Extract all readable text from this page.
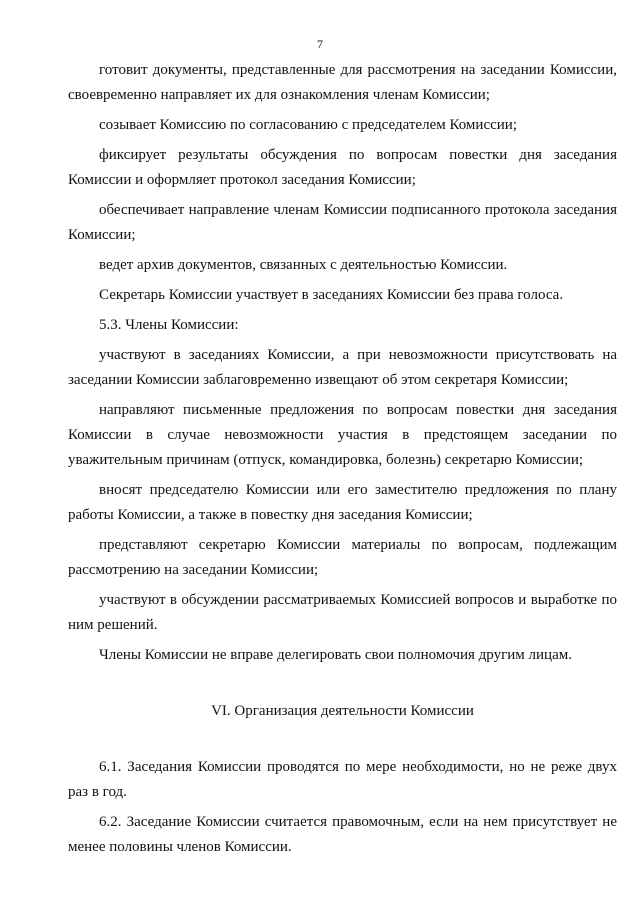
7

готовит документы, представленные для рассмотрения на заседании Комиссии, своевременно направляет их для ознакомления членам Комиссии;

созывает Комиссию по согласованию с председателем Комиссии;

фиксирует результаты обсуждения по вопросам повестки дня заседания Комиссии и оформляет протокол заседания Комиссии;

обеспечивает направление членам Комиссии подписанного протокола заседания Комиссии;

ведет архив документов, связанных с деятельностью Комиссии.

Секретарь Комиссии участвует в заседаниях Комиссии без права голоса.

5.3. Члены Комиссии:

участвуют в заседаниях Комиссии, а при невозможности присутствовать на заседании Комиссии заблаговременно извещают об этом секретаря Комиссии;

направляют письменные предложения по вопросам повестки дня заседания Комиссии в случае невозможности участия в предстоящем заседании по уважительным причинам (отпуск, командировка, болезнь) секретарю Комиссии;

вносят председателю Комиссии или его заместителю предложения по плану работы Комиссии, а также в повестку дня заседания Комиссии;

представляют секретарю Комиссии материалы по вопросам, подлежащим рассмотрению на заседании Комиссии;

участвуют в обсуждении рассматриваемых Комиссией вопросов и выработке по ним решений.

Члены Комиссии не вправе делегировать свои полномочия другим лицам.

VI. Организация деятельности Комиссии

6.1. Заседания Комиссии проводятся по мере необходимости, но не реже двух раз в год.

6.2. Заседание Комиссии считается правомочным, если на нем присутствует не менее половины членов Комиссии.
